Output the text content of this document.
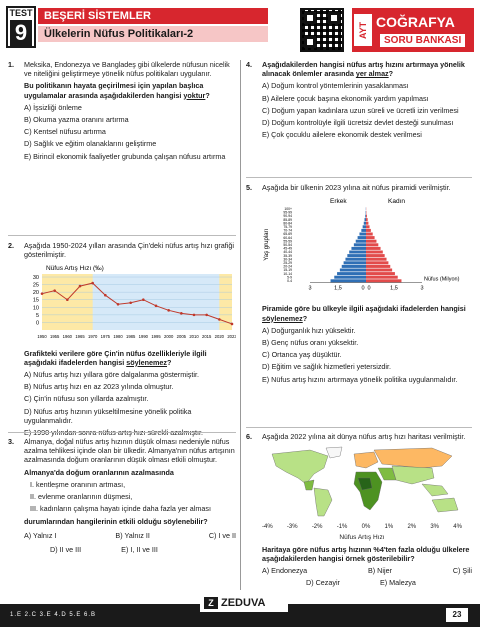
TEST
9
BEŞERİ SİSTEMLER
Ülkelerin Nüfus Politikaları-2	AYT COĞRAFYA
SORU BANKASI
1. Meksika, Endonezya ve Bangladeş gibi ülkelerde nüfusun nicelik ve niteliğini geliştirmeye yönelik nüfus politikaları uygulanır.

Bu politikanın hayata geçirilmesi için yapılan başlıca uygulamalar arasında aşağıdakilerden hangisi yoktur?

A) İşsizliği önleme
B) Okuma yazma oranını artırma
C) Kentsel nüfusu artırma
D) Sağlık ve eğitim olanaklarını geliştirme
E) Birincil ekonomik faaliyetler grubunda çalışan nüfusu artırma
2. Aşağıda 1950-2024 yılları arasında Çin'deki nüfus artış hızı grafiği gösterilmiştir.

Nüfus Artış Hızı (‰)
30
25
20
15
10
5
0
1950 1955 1960 1965 1970 1975 1980 1985 1990 1995 2000 2005 2010 2015 2020 2023

Grafikteki verilere göre Çin'in nüfus özellikleriyle ilgili aşağıdaki ifadelerden hangisi söylenemez?

A) Nüfus artış hızı yıllara göre dalgalanma göstermiştir.
B) Nüfus artış hızı en az 2023 yılında olmuştur.
C) Çin'in nüfusu son yıllarda azalmıştır.
D) Nüfus artış hızının yükseltilmesine yönelik politika uygulanmalıdır.
3. Almanya, doğal nüfus artış hızının düşük olması nedeniyle nüfus azalma tehlikesi içinde olan bir ülkedir. Almanya'nın nüfus artışının azalmasında doğum oranlarının düşük olması etkili olmuştur.

Almanya'da doğum oranlarının azalmasında

I. kentleşme oranının artması,
II. evlenme oranlarının düşmesi,
III. kadınların çalışma hayatı içinde daha fazla yer alması

durumlarından hangilerinin etkili olduğu söylenebilir?

A) Yalnız I	B) Yalnız II	C) I ve II
D) II ve III	E) I, II ve III
4. Aşağıdakilerden hangisi nüfus artış hızını artırmaya yönelik alınacak önlemler arasında yer almaz?

A) Doğum kontrol yöntemlerinin yasaklanması
B) Ailelere çocuk başına ekonomik yardım yapılması
C) Doğum yapan kadınlara uzun süreli ve ücretli izin verilmesi
D) Doğum kontrolüyle ilgili ücretsiz devlet desteği sunulması
E) Çok çocuklu ailelere ekonomik destek verilmesi
5. Aşağıda bir ülkenin 2023 yılına ait nüfus piramidi verilmiştir.

Erkek	Kadın
Yaş grupları
100+
95-99
90-94
85-89
80-84
75-79
70-74
65-69
60-64
55-59
50-54
45-49
40-44
35-39
30-34
25-29
20-24
15-19
10-14
5-9
0-4
3	1,5	0 0	1,5	3
Nüfus (Milyon)

Piramide göre bu ülkeyle ilgili aşağıdaki ifadelerden hangisi söylenemez?

A) Doğurganlık hızı yüksektir.
B) Genç nüfus oranı yüksektir.
C) Ortanca yaş düşüktür.
D) Eğitim ve sağlık hizmetleri yetersizdir.
E) Nüfus artış hızını artırmaya yönelik politika uygulanmalıdır.
6. Aşağıda 2022 yılına ait dünya nüfus artış hızı haritası verilmiştir.

-4% -3% -2% -1% 0% 1% 2% 3% 4%
Nüfus Artış Hızı

Haritaya göre nüfus artış hızının %4'ten fazla olduğu ülkelere aşağıdakilerden hangisi örnek gösterilebilir?

A) Endonezya	B) Nijer	C) Şili
D) Cezayir	E) Malezya
1.E 2.C 3.E 4.D 5.E 6.B
Z ZEDUVA
23
